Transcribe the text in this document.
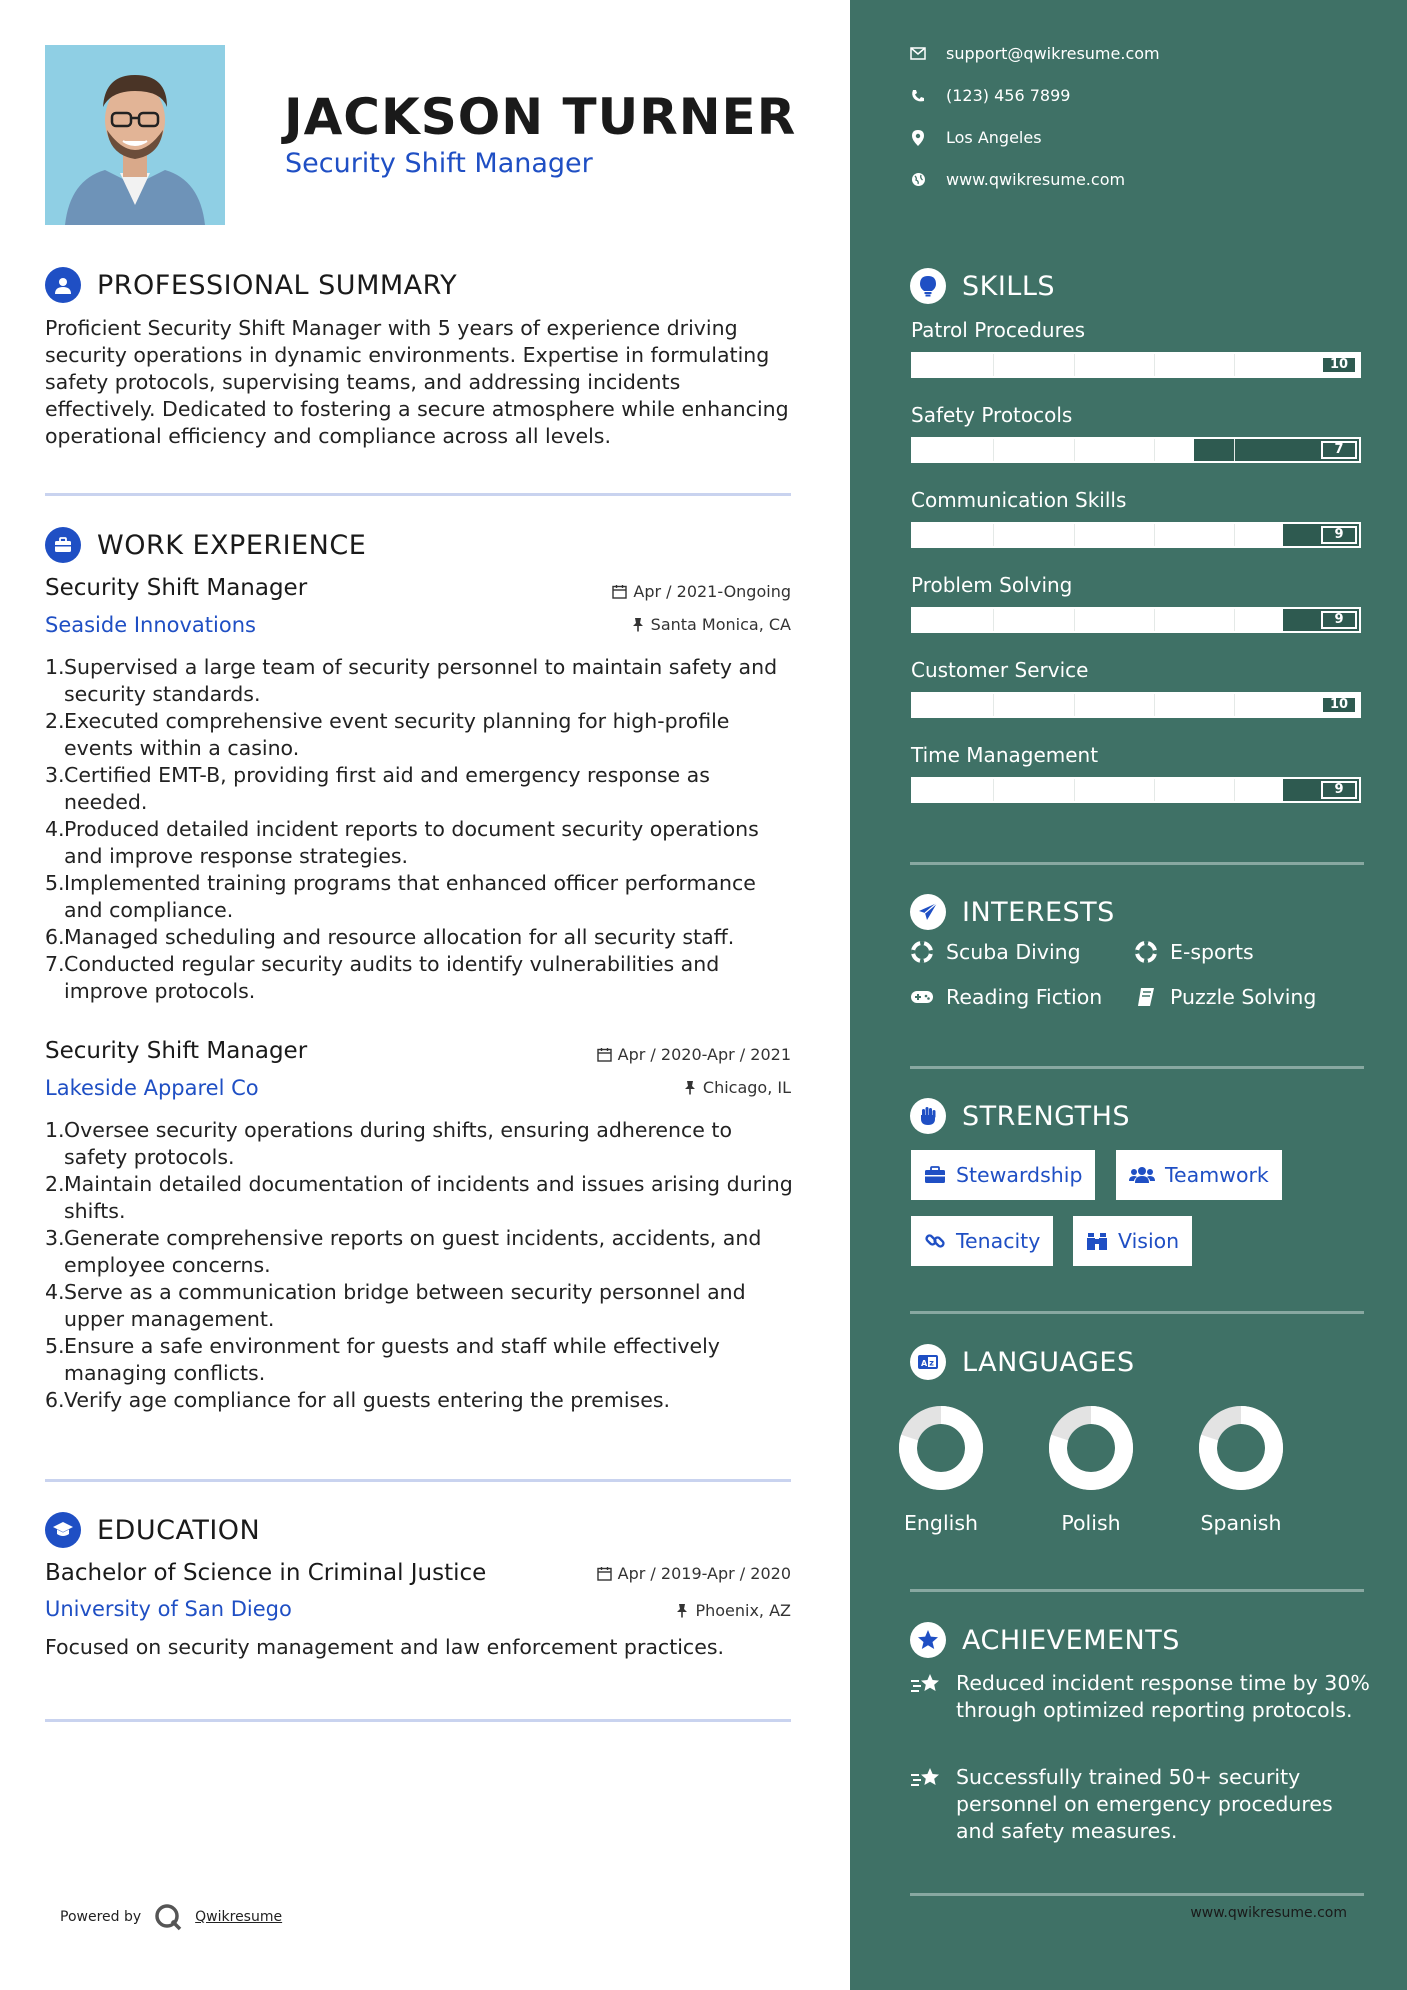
JACKSON TURNER
Security Shift Manager
PROFESSIONAL SUMMARY
Proficient Security Shift Manager with 5 years of experience driving security operations in dynamic environments. Expertise in formulating safety protocols, supervising teams, and addressing incidents effectively. Dedicated to fostering a secure atmosphere while enhancing operational efficiency and compliance across all levels.
WORK EXPERIENCE
Security Shift Manager	Apr / 2021-Ongoing
Seaside Innovations	Santa Monica, CA
1. Supervised a large team of security personnel to maintain safety and security standards.
2. Executed comprehensive event security planning for high-profile events within a casino.
3. Certified EMT-B, providing first aid and emergency response as needed.
4. Produced detailed incident reports to document security operations and improve response strategies.
5. Implemented training programs that enhanced officer performance and compliance.
6. Managed scheduling and resource allocation for all security staff.
7. Conducted regular security audits to identify vulnerabilities and improve protocols.
Security Shift Manager	Apr / 2020-Apr / 2021
Lakeside Apparel Co	Chicago, IL
1. Oversee security operations during shifts, ensuring adherence to safety protocols.
2. Maintain detailed documentation of incidents and issues arising during shifts.
3. Generate comprehensive reports on guest incidents, accidents, and employee concerns.
4. Serve as a communication bridge between security personnel and upper management.
5. Ensure a safe environment for guests and staff while effectively managing conflicts.
6. Verify age compliance for all guests entering the premises.
EDUCATION
Bachelor of Science in Criminal Justice	Apr / 2019-Apr / 2020
University of San Diego	Phoenix, AZ
Focused on security management and law enforcement practices.
Powered by	Qwikresume
support@qwikresume.com
(123) 456 7899
Los Angeles
www.qwikresume.com
SKILLS
Patrol Procedures
10
Safety Protocols
7
Communication Skills
9
Problem Solving
9
Customer Service
10
Time Management
9
INTERESTS
Scuba Diving	E-sports
Reading Fiction	Puzzle Solving
STRENGTHS
Stewardship	Teamwork
Tenacity	Vision
A z LANGUAGES
English	Polish	Spanish
ACHIEVEMENTS
Reduced incident response time by 30% through optimized reporting protocols.
Successfully trained 50+ security personnel on emergency procedures and safety measures.
www.qwikresume.com
